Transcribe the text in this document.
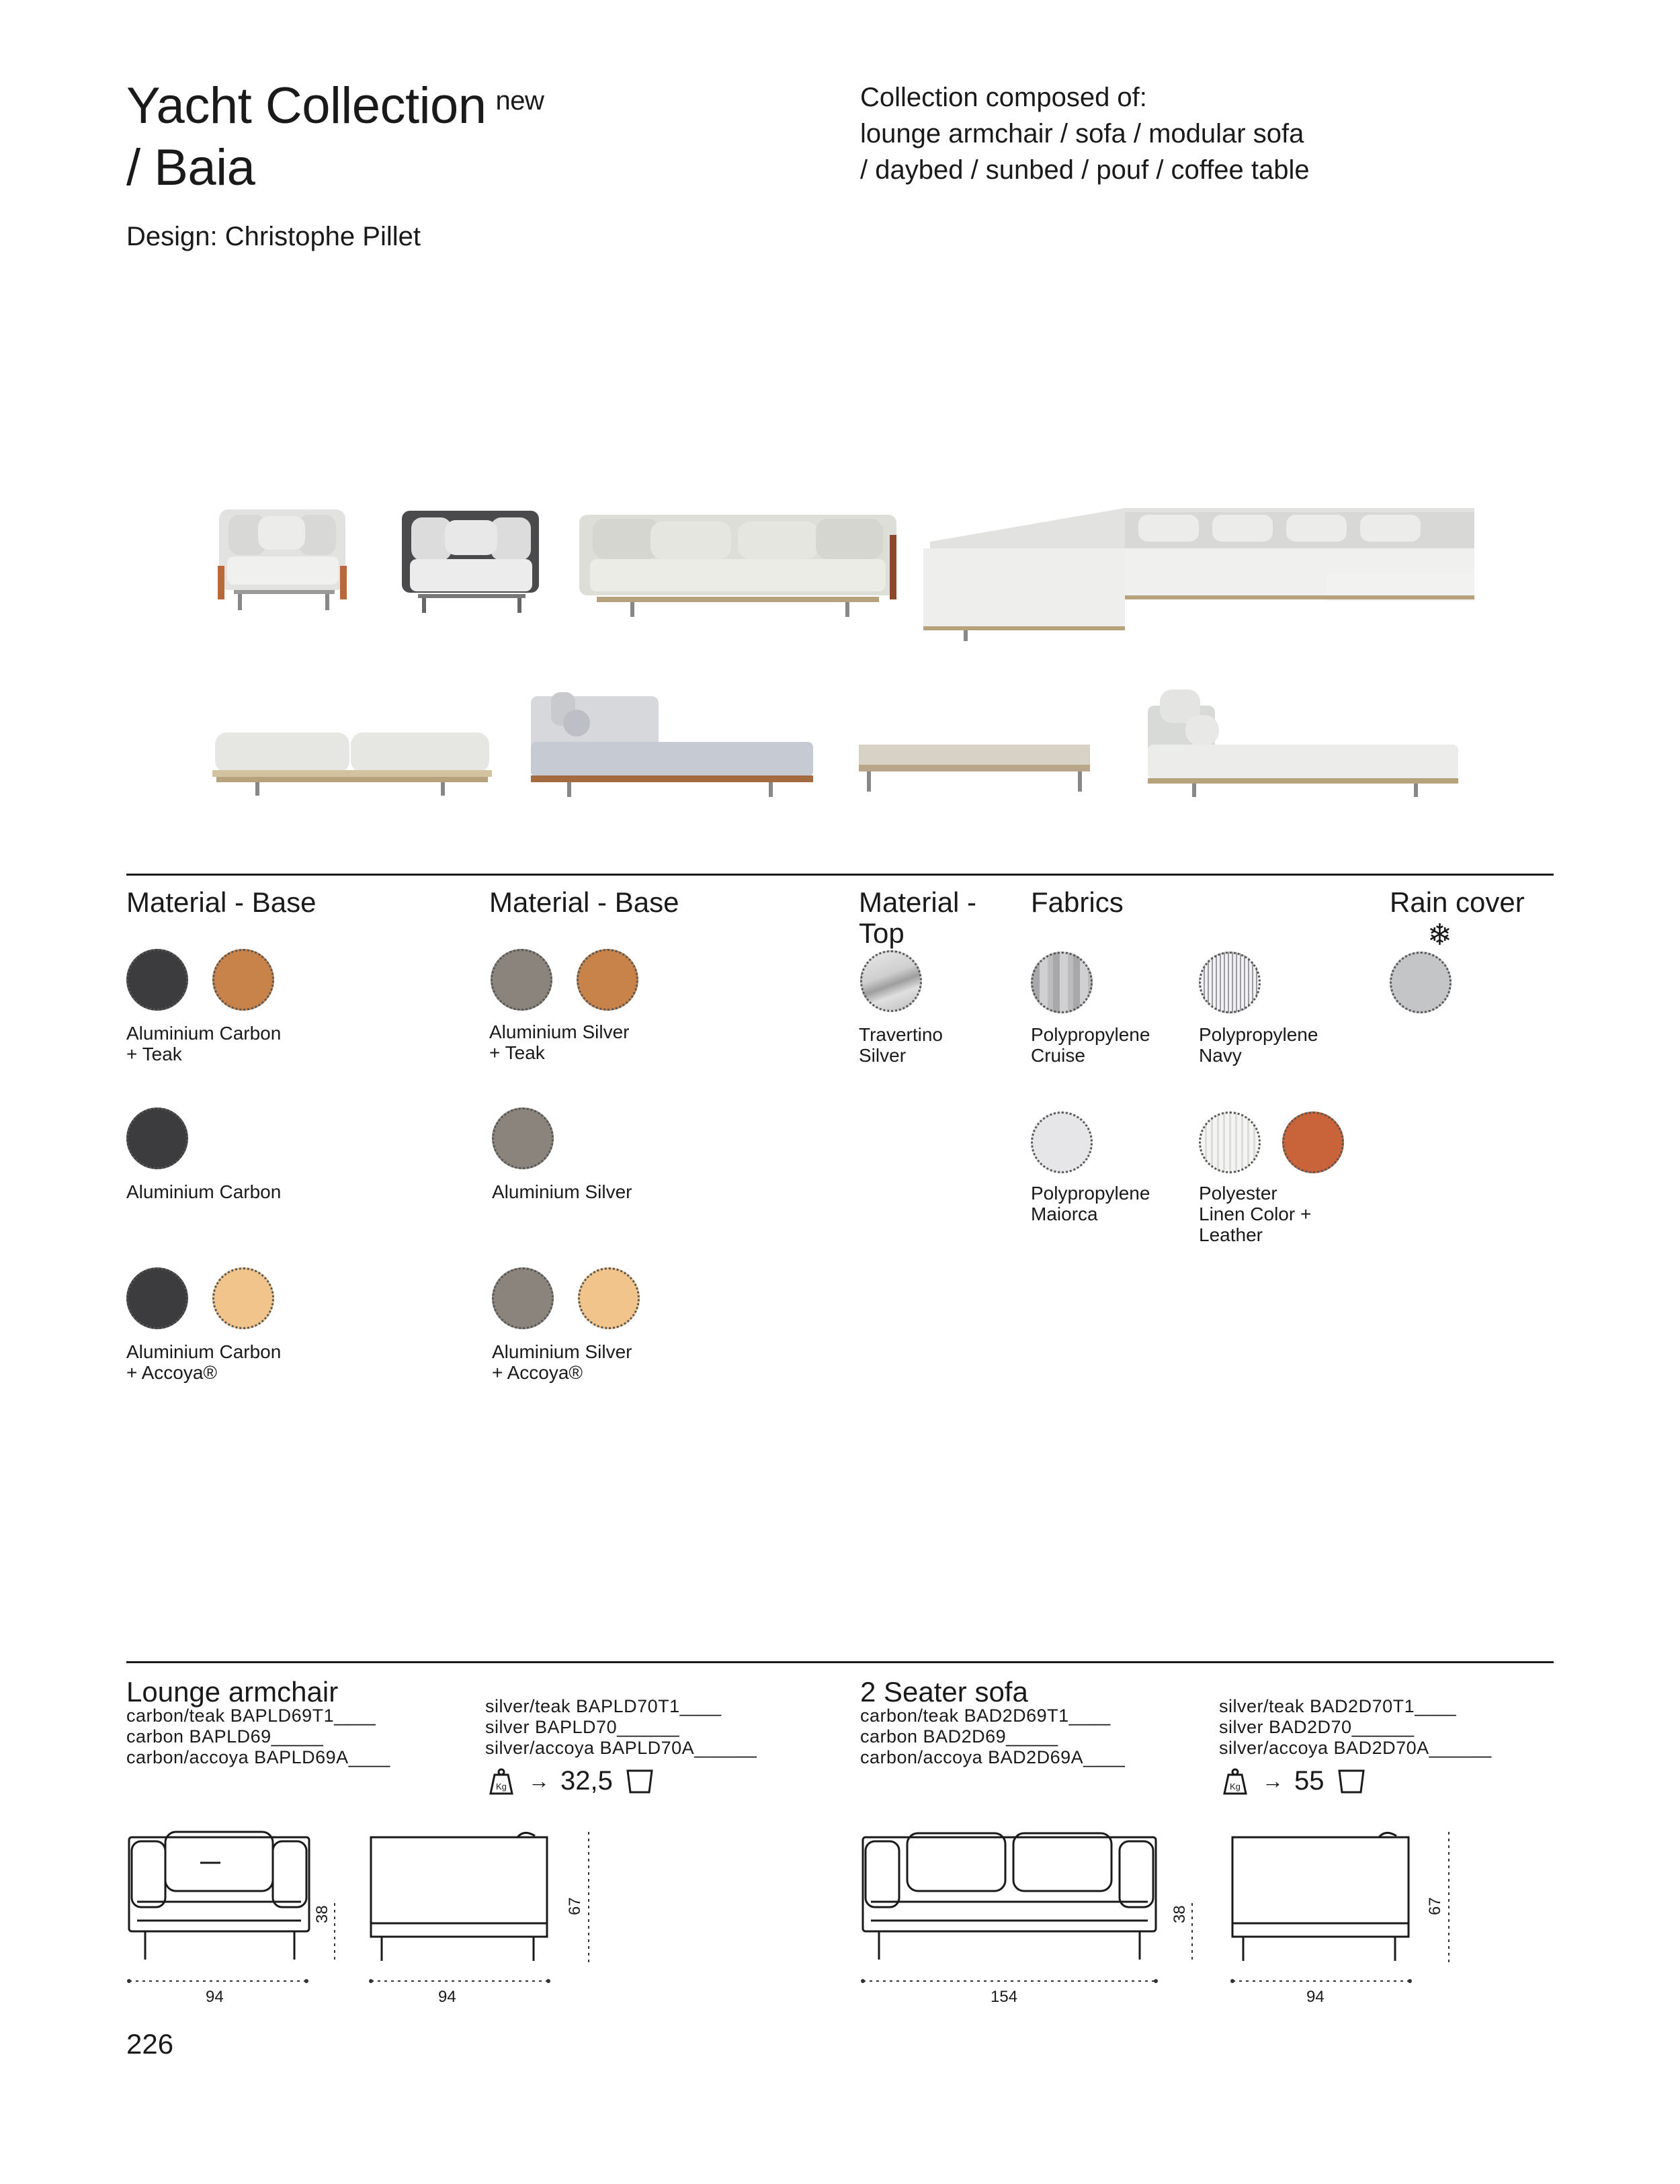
Yacht Collection $^{new}$
/ Baia
Design: Christophe Pillet
Collection composed of:
lounge armchair / sofa / modular sofa
/ daybed / sunbed / pouf / coffee table
Material - Base	Material - Base	Material -
Top
Fabrics	Rain cover
❄
Aluminium Carbon
+ Teak
Aluminium Carbon
Aluminium Carbon
+ Accoya®
Aluminium Silver
+ Teak
Aluminium Silver
Aluminium Silver
+ Accoya®
Travertino
Silver
Polypropylene
Cruise
Polypropylene
Navy
Polypropylene
Maiorca
Polyester
Linen Color +
Leather
Lounge armchair
carbon/teak BAPLD69T1____
carbon BAPLD69_____
carbon/accoya BAPLD69A____
silver/teak BAPLD70T1____
silver BAPLD70______
silver/accoya BAPLD70A______
Kg → 32,5
94
38
94
67
2 Seater sofa
carbon/teak BAD2D69T1____
carbon BAD2D69_____
carbon/accoya BAD2D69A____
silver/teak BAD2D70T1____
silver BAD2D70______
silver/accoya BAD2D70A______
Kg → 55
154
38
94
67
226
